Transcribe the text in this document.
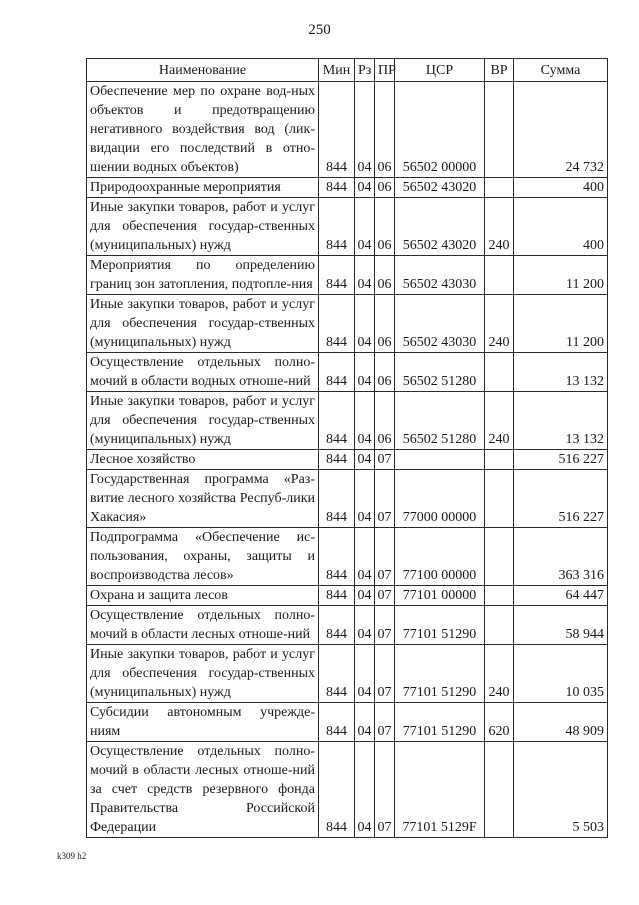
250
Наименование	Мин	Рз	ПР	ЦСР	ВР	Сумма
Обеспечение мер по охране вод-ных объектов и предотвращению негативного воздействия вод (лик-видации его последствий в отно-шении водных объектов)	844	04	06	56502 00000		24 732
Природоохранные мероприятия	844	04	06	56502 43020		400
Иные закупки товаров, работ и услуг для обеспечения государ-ственных (муниципальных) нужд	844	04	06	56502 43020	240	400
Мероприятия по определению границ зон затопления, подтопле-ния	844	04	06	56502 43030		11 200
Иные закупки товаров, работ и услуг для обеспечения государ-ственных (муниципальных) нужд	844	04	06	56502 43030	240	11 200
Осуществление отдельных полно-мочий в области водных отноше-ний	844	04	06	56502 51280		13 132
Иные закупки товаров, работ и услуг для обеспечения государ-ственных (муниципальных) нужд	844	04	06	56502 51280	240	13 132
Лесное хозяйство	844	04	07			516 227
Государственная программа «Раз-витие лесного хозяйства Респуб-лики Хакасия»	844	04	07	77000 00000		516 227
Подпрограмма «Обеспечение ис-пользования, охраны, защиты и воспроизводства лесов»	844	04	07	77100 00000		363 316
Охрана и защита лесов	844	04	07	77101 00000		64 447
Осуществление отдельных полно-мочий в области лесных отноше-ний	844	04	07	77101 51290		58 944
Иные закупки товаров, работ и услуг для обеспечения государ-ственных (муниципальных) нужд	844	04	07	77101 51290	240	10 035
Субсидии автономным учрежде-ниям	844	04	07	77101 51290	620	48 909
Осуществление отдельных полно-мочий в области лесных отноше-ний за счет средств резервного фонда Правительства Российской Федерации	844	04	07	77101 5129F		5 503
k309 h2
